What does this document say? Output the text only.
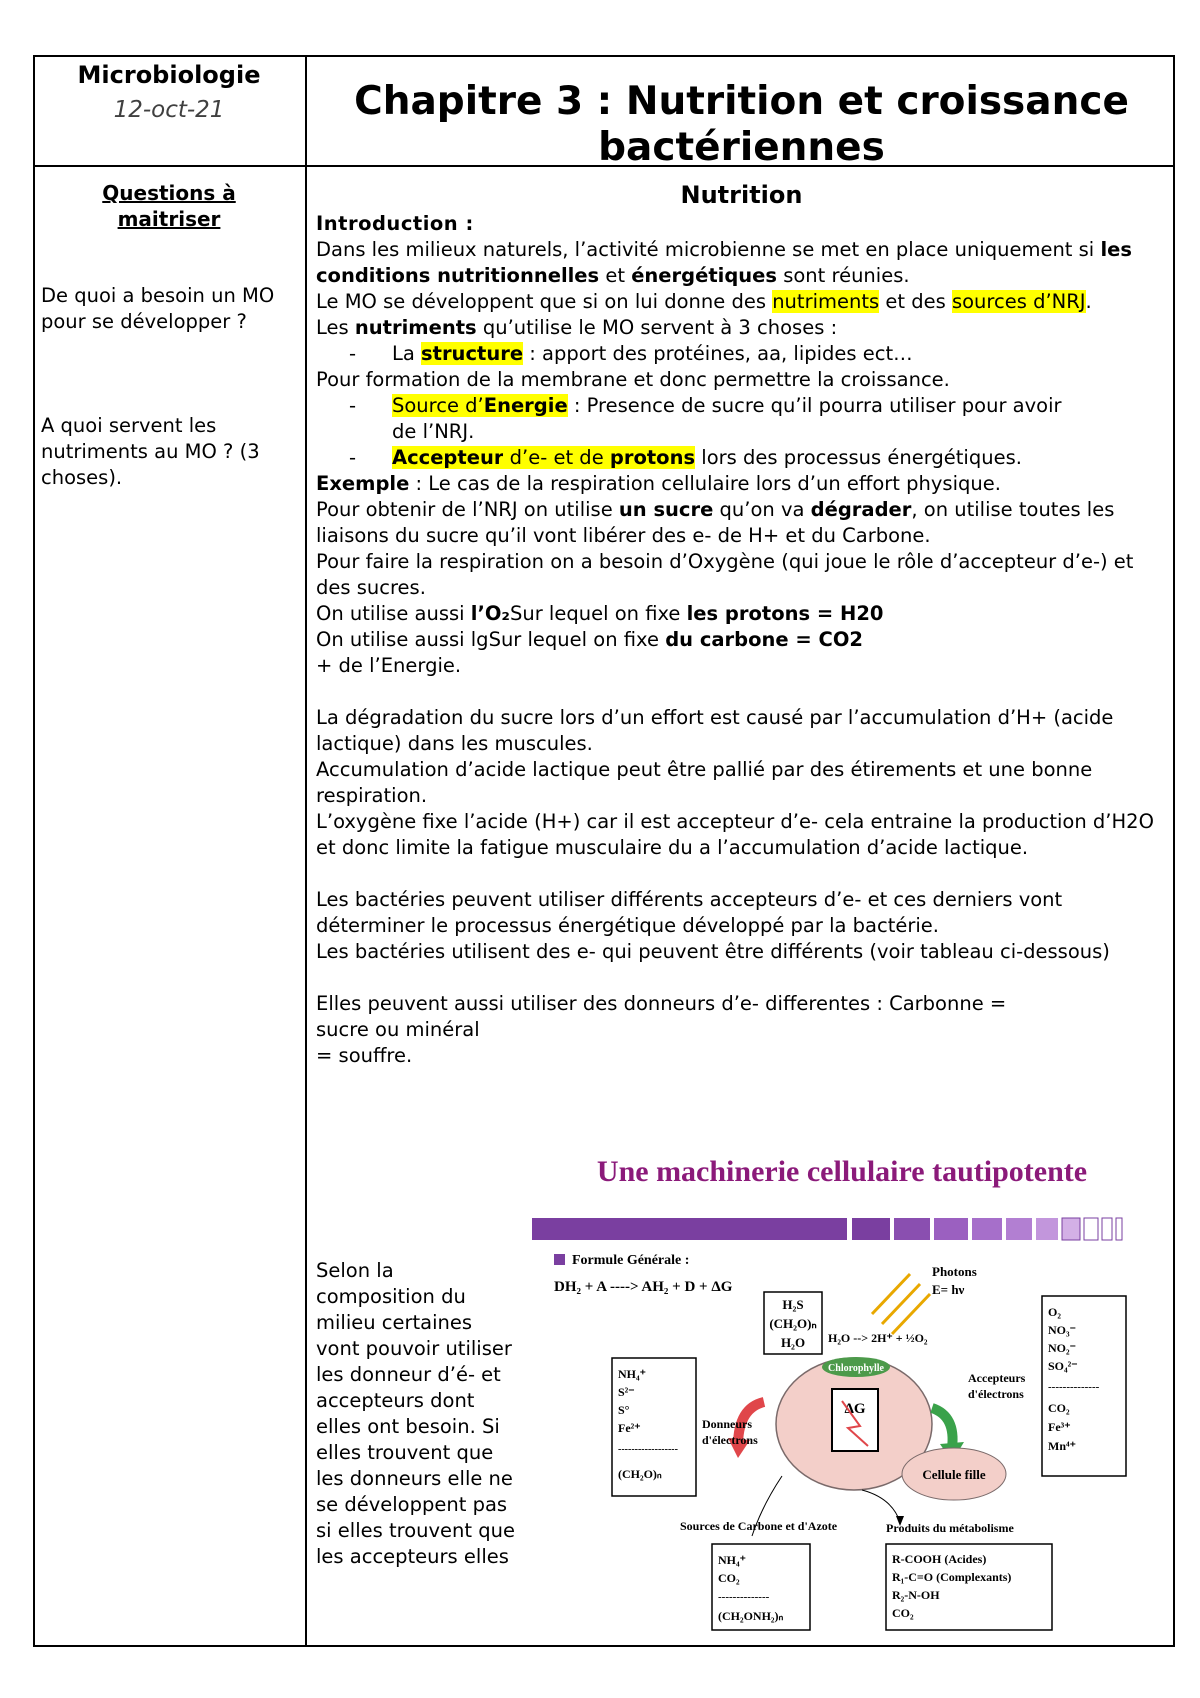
Microbiologie
12-oct-21	Chapitre 3 : Nutrition et croissance
bactériennes
Questions à
maitriser
De quoi a besoin un MO pour se développer ?
A quoi servent les nutriments au MO ? (3 choses).
Nutrition

Introduction :

Dans les milieux naturels, l’activité microbienne se met en place uniquement si les conditions nutritionnelles et énergétiques sont réunies.

Le MO se développent que si on lui donne des nutriments et des sources d’NRJ.

Les nutriments qu’utilise le MO servent à 3 choses :

- La structure : apport des protéines, aa, lipides ect…

Pour formation de la membrane et donc permettre la croissance.

- Source d’Energie : Presence de sucre qu’il pourra utiliser pour avoir

de l’NRJ.

- Accepteur d’e- et de protons lors des processus énergétiques.

Exemple : Le cas de la respiration cellulaire lors d’un effort physique.

Pour obtenir de l’NRJ on utilise un sucre qu’on va dégrader, on utilise toutes les liaisons du sucre qu’il vont libérer des e- de H+ et du Carbone.

Pour faire la respiration on a besoin d’Oxygène (qui joue le rôle d’accepteur d’e-) et des sucres.

On utilise aussi l’O₂Sur lequel on fixe les protons = H20

On utilise aussi lgSur lequel on fixe du carbone = CO2

+ de l’Energie.

La dégradation du sucre lors d’un effort est causé par l’accumulation d’H+ (acide lactique) dans les muscules.

Accumulation d’acide lactique peut être pallié par des étirements et une bonne respiration.

L’oxygène fixe l’acide (H+) car il est accepteur d’e- cela entraine la production d’H2O et donc limite la fatigue musculaire du a l’accumulation d’acide lactique.

Les bactéries peuvent utiliser différents accepteurs d’e- et ces derniers vont déterminer le processus énergétique développé par la bactérie.

Les bactéries utilisent des e- qui peuvent être différents (voir tableau ci-dessous)

Elles peuvent aussi utiliser des donneurs d’e- differentes : Carbonne =

sucre ou minéral

= souffre.

Selon la composition du milieu certaines vont pouvoir utiliser les donneur d’é- et accepteurs dont elles ont besoin. Si elles trouvent que les donneurs elle ne se développent pas si elles trouvent que les accepteurs elles
Une machinerie cellulaire tautipotente
Formule Générale :
DH₂ + A ----> AH₂ + D + ΔG
Photons
E= hν
H₂S
(CH₂O)ₙ
H₂O H₂O --> 2H⁺ + ½O₂
Chlorophylle
ΔG
Accepteurs
d'électrons
O₂
NO₃⁻
NO₂⁻
SO₄²⁻
--------------
CO₂
Fe³⁺
Mn⁴⁺
NH₄⁺
S²⁻
S°
Fe²⁺
------------------
(CH₂O)ₙ
Donneurs
d'électrons
Cellule fille
Sources de Carbone et d'Azote	Produits du métabolisme
NH₄⁺
CO₂
--------------
(CH₂ONH₂)ₙ
R-COOH (Acides)
R₁-C=O (Complexants)
R₂-N-OH
CO₂
